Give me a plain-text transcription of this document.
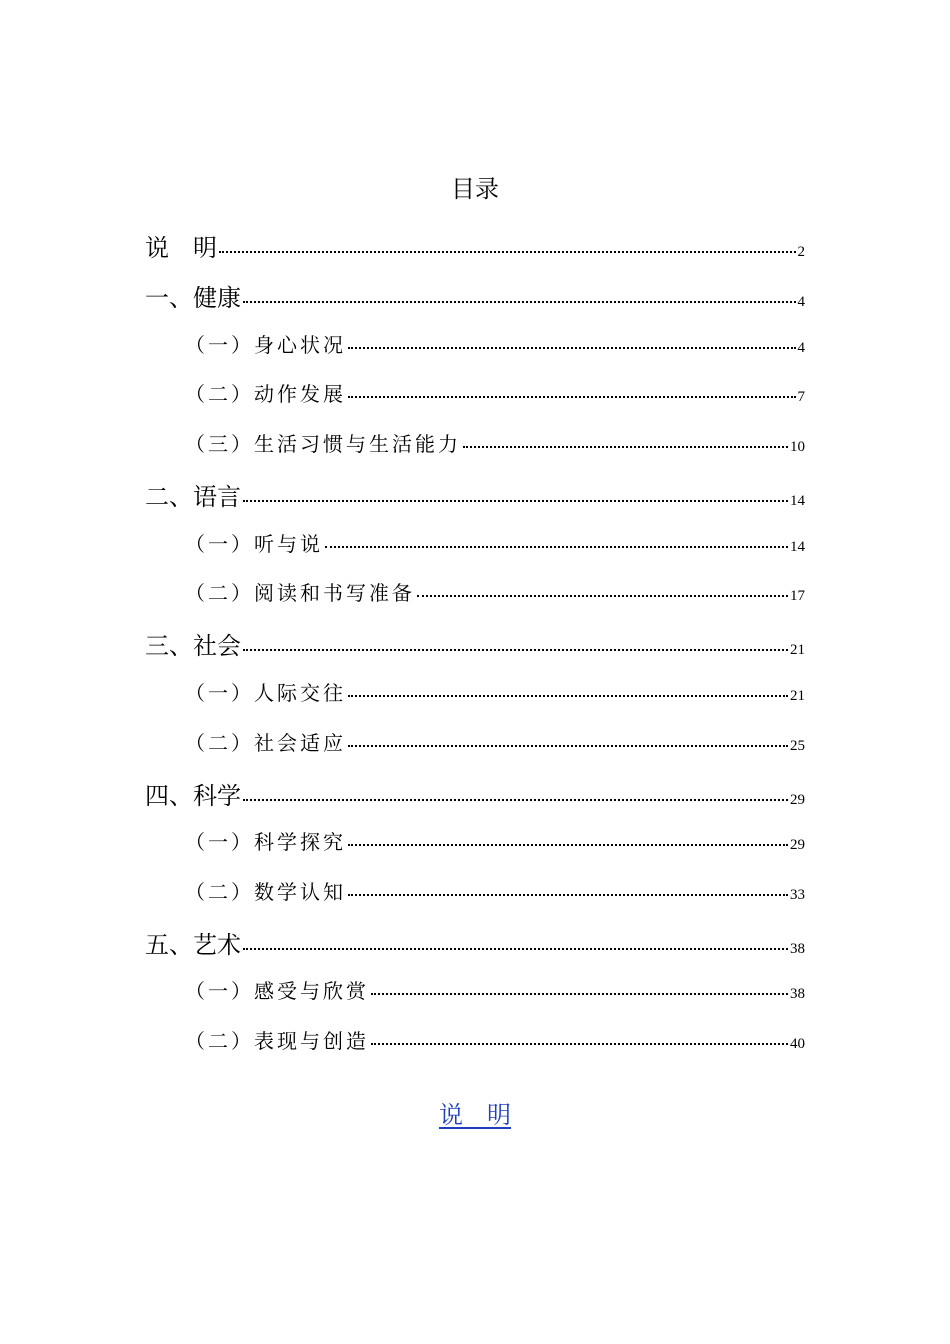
目录
说　明	2
一、健康	4
（一）身心状况	4
（二）动作发展	7
（三）生活习惯与生活能力	10
二、语言	14
（一）听与说	14
（二）阅读和书写准备	17
三、社会	21
（一）人际交往	21
（二）社会适应	25
四、科学	29
（一）科学探究	29
（二）数学认知	33
五、艺术	38
（一）感受与欣赏	38
（二）表现与创造	40
说　明
